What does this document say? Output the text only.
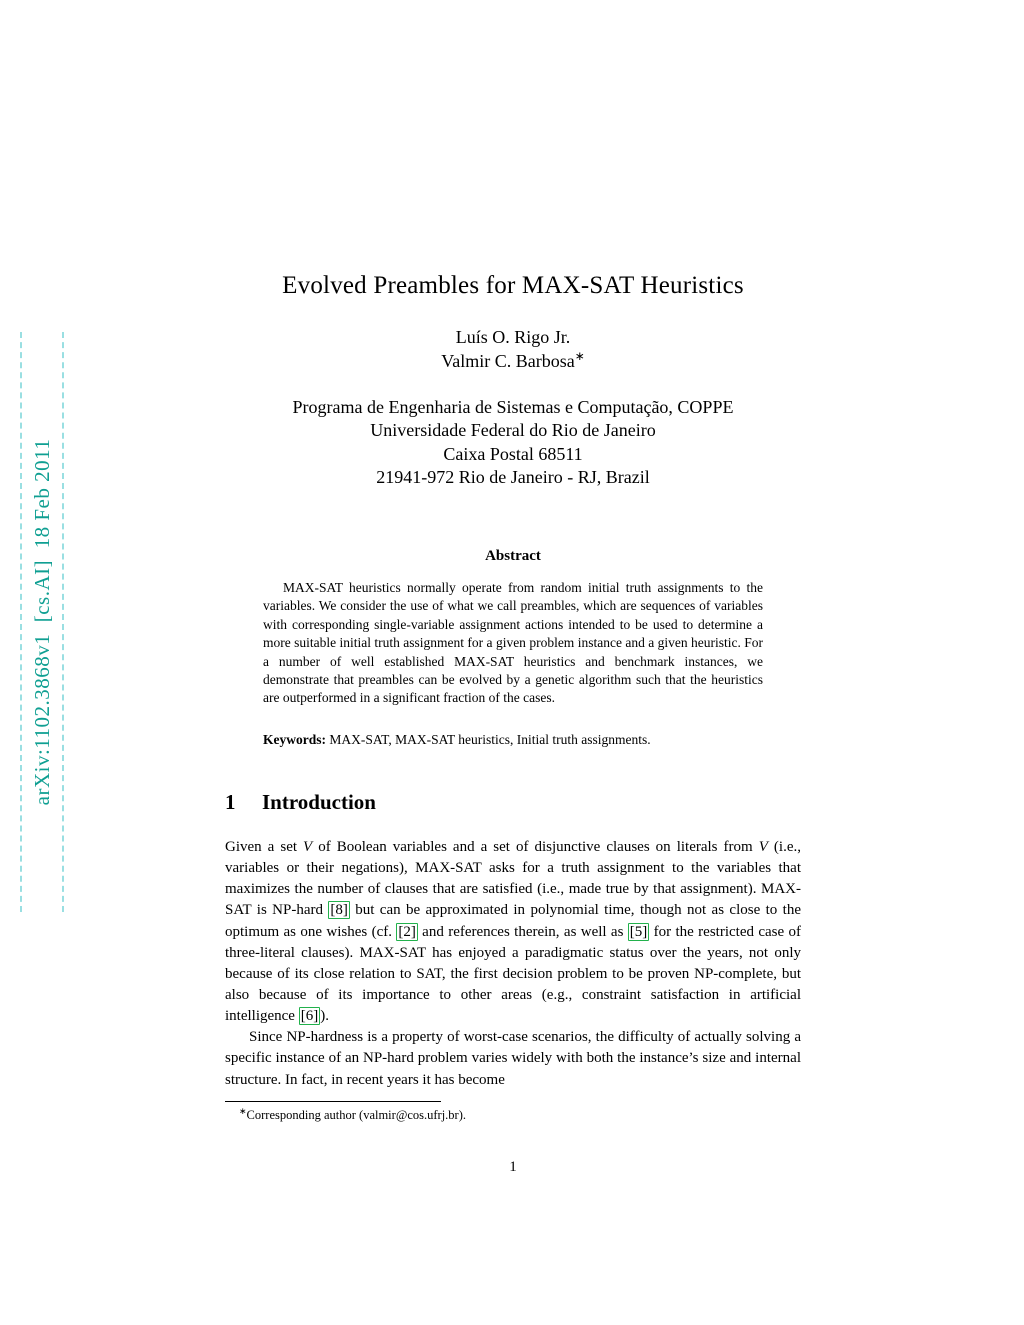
arXiv:1102.3868v1  [cs.AI]  18 Feb 2011
Evolved Preambles for MAX-SAT Heuristics
Luís O. Rigo Jr.
Valmir C. Barbosa∗
Programa de Engenharia de Sistemas e Computação, COPPE
Universidade Federal do Rio de Janeiro
Caixa Postal 68511
21941-972 Rio de Janeiro - RJ, Brazil
Abstract

MAX-SAT heuristics normally operate from random initial truth assignments to the variables. We consider the use of what we call preambles, which are sequences of variables with corresponding single-variable assignment actions intended to be used to determine a more suitable initial truth assignment for a given problem instance and a given heuristic. For a number of well established MAX-SAT heuristics and benchmark instances, we demonstrate that preambles can be evolved by a genetic algorithm such that the heuristics are outperformed in a significant fraction of the cases.

Keywords: MAX-SAT, MAX-SAT heuristics, Initial truth assignments.

1 Introduction

Given a set V of Boolean variables and a set of disjunctive clauses on literals from V (i.e., variables or their negations), MAX-SAT asks for a truth assignment to the variables that maximizes the number of clauses that are satisfied (i.e., made true by that assignment). MAX-SAT is NP-hard [8] but can be approximated in polynomial time, though not as close to the optimum as one wishes (cf. [2] and references therein, as well as [5] for the restricted case of three-literal clauses). MAX-SAT has enjoyed a paradigmatic status over the years, not only because of its close relation to SAT, the first decision problem to be proven NP-complete, but also because of its importance to other areas (e.g., constraint satisfaction in artificial intelligence [6] ).

Since NP-hardness is a property of worst-case scenarios, the difficulty of actually solving a specific instance of an NP-hard problem varies widely with both the instance’s size and internal structure. In fact, in recent years it has become

∗Corresponding author (valmir@cos.ufrj.br).

1
